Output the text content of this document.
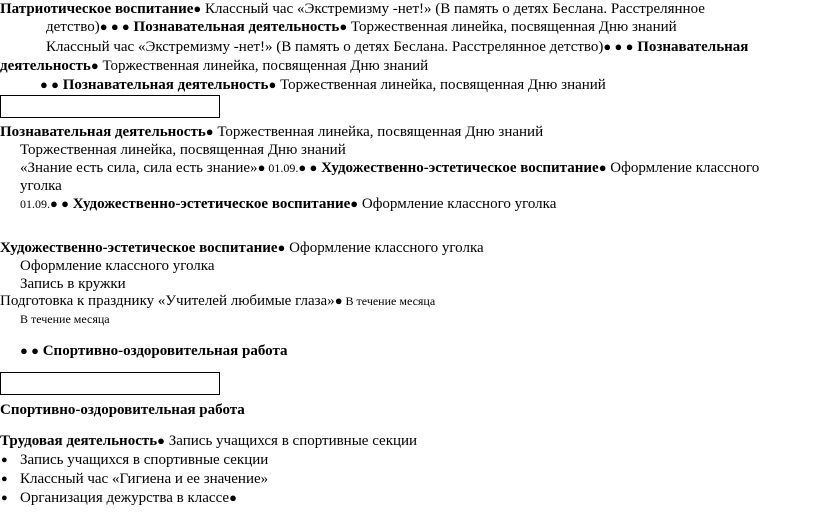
Патриотическое воспитание● Классный час «Экстремизму -нет!» (В память о детях Беслана. Расстрелянное
детство)● ● ● Познавательная деятельность● Торжественная линейка, посвященная Дню знаний
Классный час «Экстремизму -нет!» (В память о детях Беслана. Расстрелянное детство)● ● ● Познавательная
деятельность● Торжественная линейка, посвященная Дню знаний
● ● Познавательная деятельность● Торжественная линейка, посвященная Дню знаний
Познавательная деятельность● Торжественная линейка, посвященная Дню знаний
Торжественная линейка, посвященная Дню знаний
«Знание есть сила, сила есть знание»● 01.09.● ● Художественно-эстетическое воспитание● Оформление классного
уголка
01.09.● ● Художественно-эстетическое воспитание● Оформление классного уголка
Художественно-эстетическое воспитание● Оформление классного уголка
Оформление классного уголка
Запись в кружки
Подготовка к празднику «Учителей любимые глаза»● В течение месяца
В течение месяца
● ● Спортивно-оздоровительная работа
Спортивно-оздоровительная работа
Трудовая деятельность● Запись учащихся в спортивные секции
● Запись учащихся в спортивные секции
● Классный час «Гигиена и ее значение»
● Организация дежурства в классе●
